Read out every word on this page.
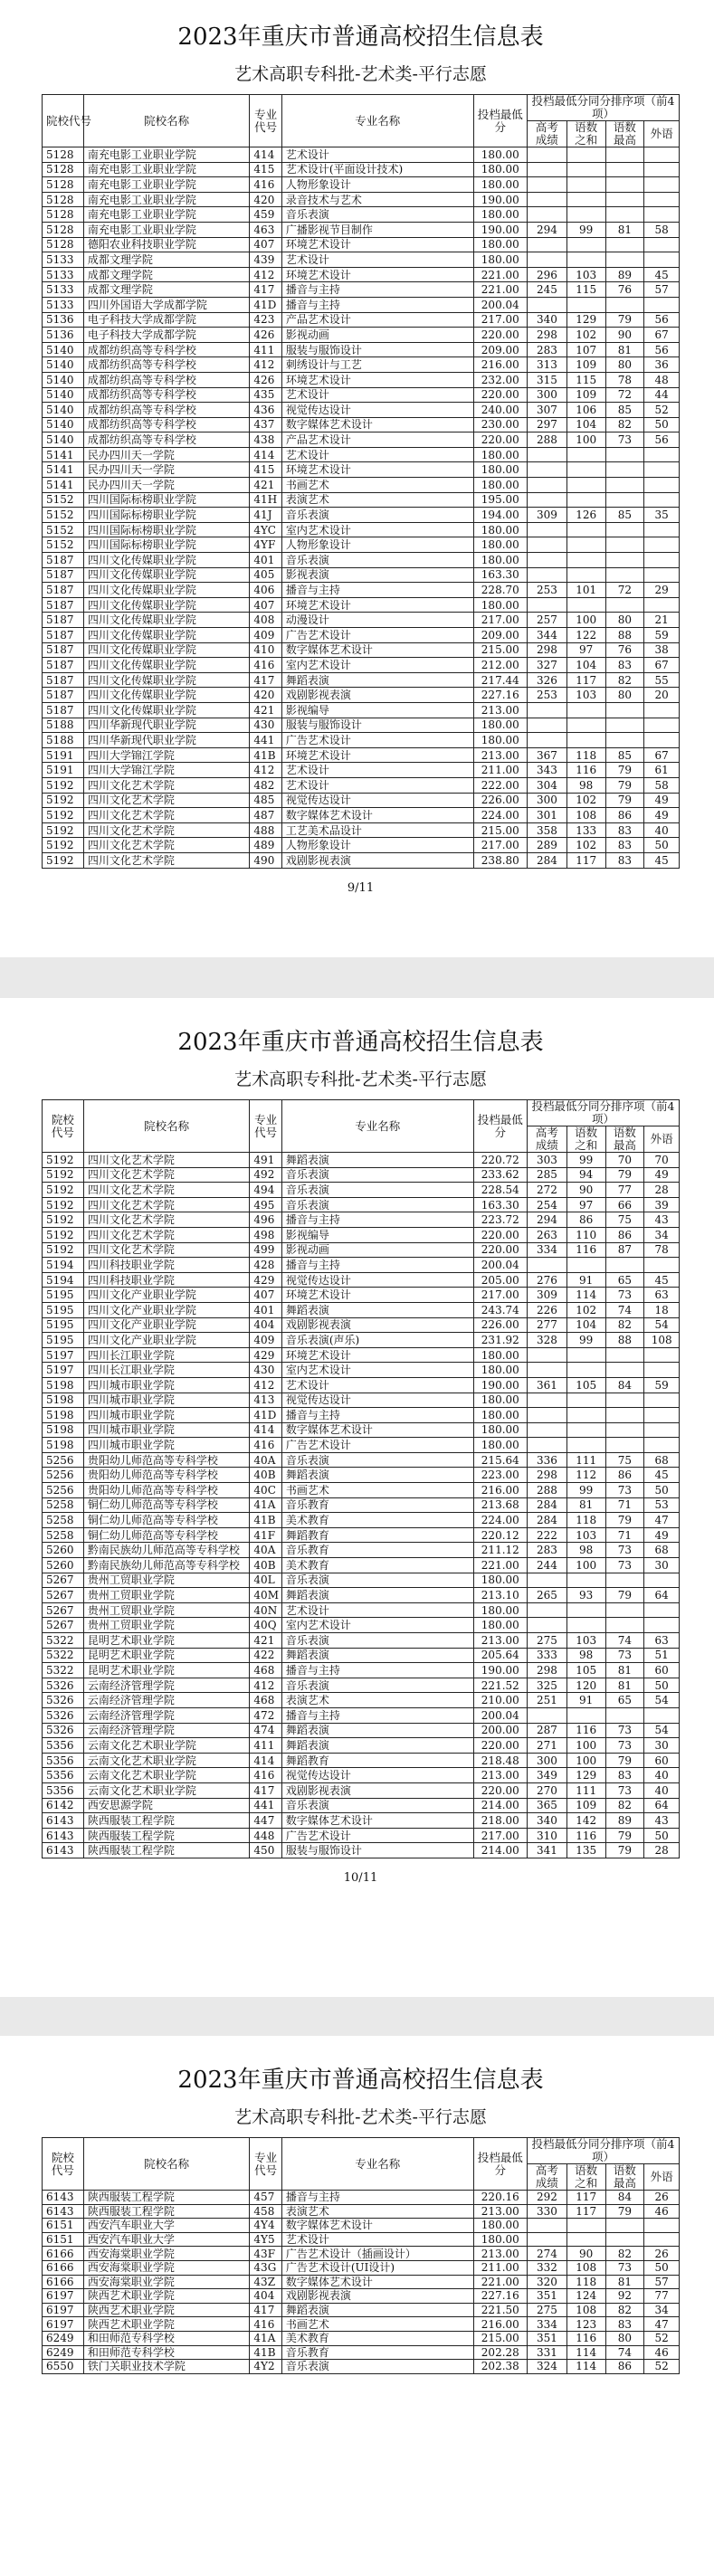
2023年重庆市普通高校招生信息表
艺术高职专科批-艺术类-平行志愿
院校代号	院校名称	专业代号	专业名称	投档最低分	投档最低分同分排序项（前4项）			
					高考成绩	语数之和	语数最高	外语
5128	南充电影工业职业学院	414	艺术设计	180.00				
5128	南充电影工业职业学院	415	艺术设计(平面设计技术)	180.00				
5128	南充电影工业职业学院	416	人物形象设计	180.00				
5128	南充电影工业职业学院	420	录音技术与艺术	190.00				
5128	南充电影工业职业学院	459	音乐表演	180.00				
5128	南充电影工业职业学院	463	广播影视节目制作	190.00	294	99	81	58
5128	德阳农业科技职业学院	407	环境艺术设计	180.00				
5133	成都文理学院	439	艺术设计	180.00				
5133	成都文理学院	412	环境艺术设计	221.00	296	103	89	45
5133	成都文理学院	417	播音与主持	221.00	245	115	76	57
5133	四川外国语大学成都学院	41D	播音与主持	200.04				
5136	电子科技大学成都学院	423	产品艺术设计	217.00	340	129	79	56
5136	电子科技大学成都学院	426	影视动画	220.00	298	102	90	67
5140	成都纺织高等专科学校	411	服装与服饰设计	209.00	283	107	81	56
5140	成都纺织高等专科学校	412	刺绣设计与工艺	216.00	313	109	80	36
5140	成都纺织高等专科学校	426	环境艺术设计	232.00	315	115	78	48
5140	成都纺织高等专科学校	435	艺术设计	220.00	300	109	72	44
5140	成都纺织高等专科学校	436	视觉传达设计	240.00	307	106	85	52
5140	成都纺织高等专科学校	437	数字媒体艺术设计	230.00	297	104	82	50
5140	成都纺织高等专科学校	438	产品艺术设计	220.00	288	100	73	56
5141	民办四川天一学院	414	艺术设计	180.00				
5141	民办四川天一学院	415	环境艺术设计	180.00				
5141	民办四川天一学院	421	书画艺术	180.00				
5152	四川国际标榜职业学院	41H	表演艺术	195.00				
5152	四川国际标榜职业学院	41J	音乐表演	194.00	309	126	85	35
5152	四川国际标榜职业学院	4YC	室内艺术设计	180.00				
5152	四川国际标榜职业学院	4YF	人物形象设计	180.00				
5187	四川文化传媒职业学院	401	音乐表演	180.00				
5187	四川文化传媒职业学院	405	影视表演	163.30				
5187	四川文化传媒职业学院	406	播音与主持	228.70	253	101	72	29
5187	四川文化传媒职业学院	407	环境艺术设计	180.00				
5187	四川文化传媒职业学院	408	动漫设计	217.00	257	100	80	21
5187	四川文化传媒职业学院	409	广告艺术设计	209.00	344	122	88	59
5187	四川文化传媒职业学院	410	数字媒体艺术设计	215.00	298	97	76	38
5187	四川文化传媒职业学院	416	室内艺术设计	212.00	327	104	83	67
5187	四川文化传媒职业学院	417	舞蹈表演	217.44	326	117	82	55
5187	四川文化传媒职业学院	420	戏剧影视表演	227.16	253	103	80	20
5187	四川文化传媒职业学院	421	影视编导	213.00				
5188	四川华新现代职业学院	430	服装与服饰设计	180.00				
5188	四川华新现代职业学院	441	广告艺术设计	180.00				
5191	四川大学锦江学院	41B	环境艺术设计	213.00	367	118	85	67
5191	四川大学锦江学院	412	艺术设计	211.00	343	116	79	61
5192	四川文化艺术学院	482	艺术设计	222.00	304	98	79	58
5192	四川文化艺术学院	485	视觉传达设计	226.00	300	102	79	49
5192	四川文化艺术学院	487	数字媒体艺术设计	224.00	301	108	86	49
5192	四川文化艺术学院	488	工艺美术品设计	215.00	358	133	83	40
5192	四川文化艺术学院	489	人物形象设计	217.00	289	102	83	50
5192	四川文化艺术学院	490	戏剧影视表演	238.80	284	117	83	45
9/11
2023年重庆市普通高校招生信息表
艺术高职专科批-艺术类-平行志愿
院校代号	院校名称	专业代号	专业名称	投档最低分	投档最低分同分排序项（前4项）			
					高考成绩	语数之和	语数最高	外语
5192	四川文化艺术学院	491	舞蹈表演	220.72	303	99	70	70
5192	四川文化艺术学院	492	音乐表演	233.62	285	94	79	49
5192	四川文化艺术学院	494	音乐表演	228.54	272	90	77	28
5192	四川文化艺术学院	495	音乐表演	163.30	254	97	66	39
5192	四川文化艺术学院	496	播音与主持	223.72	294	86	75	43
5192	四川文化艺术学院	498	影视编导	220.00	263	110	86	34
5192	四川文化艺术学院	499	影视动画	220.00	334	116	87	78
5194	四川科技职业学院	428	播音与主持	200.04				
5194	四川科技职业学院	429	视觉传达设计	205.00	276	91	65	45
5195	四川文化产业职业学院	407	环境艺术设计	217.00	309	114	73	63
5195	四川文化产业职业学院	401	舞蹈表演	243.74	226	102	74	18
5195	四川文化产业职业学院	404	戏剧影视表演	226.00	277	104	82	54
5195	四川文化产业职业学院	409	音乐表演(声乐)	231.92	328	99	88	108
5197	四川长江职业学院	429	环境艺术设计	180.00				
5197	四川长江职业学院	430	室内艺术设计	180.00				
5198	四川城市职业学院	412	艺术设计	190.00	361	105	84	59
5198	四川城市职业学院	413	视觉传达设计	180.00				
5198	四川城市职业学院	41D	播音与主持	180.00				
5198	四川城市职业学院	414	数字媒体艺术设计	180.00				
5198	四川城市职业学院	416	广告艺术设计	180.00				
5256	贵阳幼儿师范高等专科学校	40A	音乐表演	215.64	336	111	75	68
5256	贵阳幼儿师范高等专科学校	40B	舞蹈表演	223.00	298	112	86	45
5256	贵阳幼儿师范高等专科学校	40C	书画艺术	216.00	288	99	73	50
5258	铜仁幼儿师范高等专科学校	41A	音乐教育	213.68	284	81	71	53
5258	铜仁幼儿师范高等专科学校	41B	美术教育	224.00	284	118	79	47
5258	铜仁幼儿师范高等专科学校	41F	舞蹈教育	220.12	222	103	71	49
5260	黔南民族幼儿师范高等专科学校	40A	音乐教育	211.12	283	98	73	68
5260	黔南民族幼儿师范高等专科学校	40B	美术教育	221.00	244	100	73	30
5267	贵州工贸职业学院	40L	音乐表演	180.00				
5267	贵州工贸职业学院	40M	舞蹈表演	213.10	265	93	79	64
5267	贵州工贸职业学院	40N	艺术设计	180.00				
5267	贵州工贸职业学院	40Q	室内艺术设计	180.00				
5322	昆明艺术职业学院	421	音乐表演	213.00	275	103	74	63
5322	昆明艺术职业学院	422	舞蹈表演	205.64	333	98	73	51
5322	昆明艺术职业学院	468	播音与主持	190.00	298	105	81	60
5326	云南经济管理学院	412	音乐表演	221.52	325	120	81	50
5326	云南经济管理学院	468	表演艺术	210.00	251	91	65	54
5326	云南经济管理学院	472	播音与主持	200.04				
5326	云南经济管理学院	474	舞蹈表演	200.00	287	116	73	54
5356	云南文化艺术职业学院	411	舞蹈表演	220.00	271	100	73	30
5356	云南文化艺术职业学院	414	舞蹈教育	218.48	300	100	79	60
5356	云南文化艺术职业学院	416	视觉传达设计	213.00	349	129	83	40
5356	云南文化艺术职业学院	417	戏剧影视表演	220.00	270	111	73	40
6142	西安思源学院	441	音乐表演	214.00	365	109	82	64
6143	陕西服装工程学院	447	数字媒体艺术设计	218.00	340	142	89	43
6143	陕西服装工程学院	448	广告艺术设计	217.00	310	116	79	50
6143	陕西服装工程学院	450	服装与服饰设计	214.00	341	135	79	28
10/11
2023年重庆市普通高校招生信息表
艺术高职专科批-艺术类-平行志愿
院校代号	院校名称	专业代号	专业名称	投档最低分	投档最低分同分排序项（前4项）			
					高考成绩	语数之和	语数最高	外语
6143	陕西服装工程学院	457	播音与主持	220.16	292	117	84	26
6143	陕西服装工程学院	458	表演艺术	213.00	330	117	79	46
6151	西安汽车职业大学	4Y4	数字媒体艺术设计	180.00				
6151	西安汽车职业大学	4Y5	艺术设计	180.00				
6166	西安海棠职业学院	43F	广告艺术设计（插画设计）	213.00	274	90	82	26
6166	西安海棠职业学院	43G	广告艺术设计(UI设计)	211.00	332	108	73	50
6166	西安海棠职业学院	43Z	数字媒体艺术设计	221.00	320	118	81	57
6197	陕西艺术职业学院	404	戏剧影视表演	227.16	351	124	92	77
6197	陕西艺术职业学院	417	舞蹈表演	221.50	275	108	82	34
6197	陕西艺术职业学院	416	书画艺术	216.00	334	123	83	47
6249	和田师范专科学校	41A	美术教育	215.00	351	116	80	52
6249	和田师范专科学校	41B	音乐教育	202.28	331	114	74	46
6550	铁门关职业技术学院	4Y2	音乐表演	202.38	324	114	86	52
